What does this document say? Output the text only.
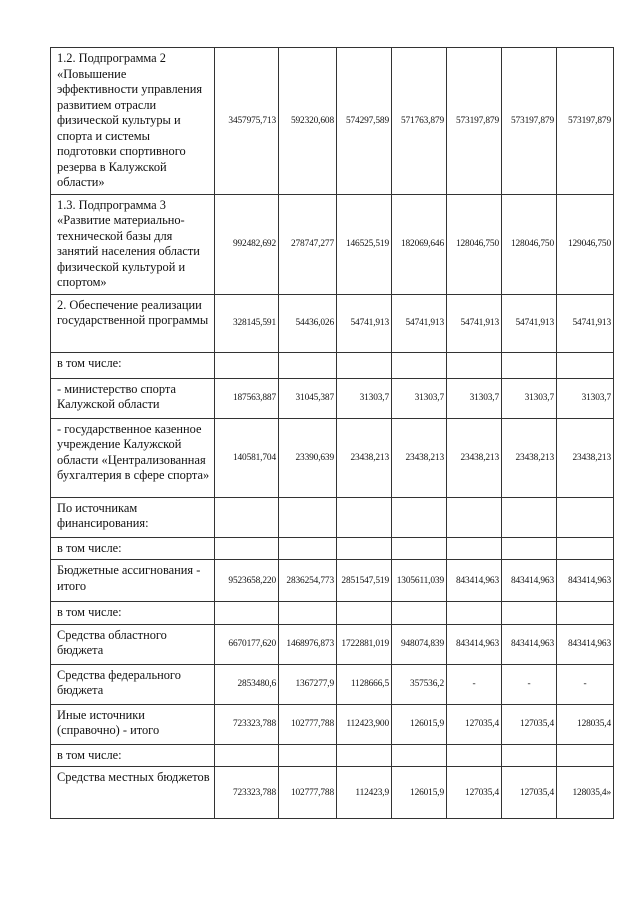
1.2. Подпрограмма 2 «Повышение эффективности управления развитием отрасли физической культуры и спорта и системы подготовки спортивного резерва в Калужской области»	3457975,713	592320,608	574297,589	571763,879	573197,879	573197,879	573197,879
1.3. Подпрограмма 3 «Развитие материально-технической базы для занятий населения области физической культурой и спортом»	992482,692	278747,277	146525,519	182069,646	128046,750	128046,750	129046,750
2. Обеспечение реализации государственной программы	328145,591	54436,026	54741,913	54741,913	54741,913	54741,913	54741,913
в том числе:							
- министерство спорта Калужской области	187563,887	31045,387	31303,7	31303,7	31303,7	31303,7	31303,7
- государственное казенное учреждение Калужской области «Централизованная бухгалтерия в сфере спорта»	140581,704	23390,639	23438,213	23438,213	23438,213	23438,213	23438,213
По источникам финансирования:							
в том числе:							
Бюджетные ассигнования - итого	9523658,220	2836254,773	2851547,519	1305611,039	843414,963	843414,963	843414,963
в том числе:							
Средства областного бюджета	6670177,620	1468976,873	1722881,019	948074,839	843414,963	843414,963	843414,963
Средства федерального бюджета	2853480,6	1367277,9	1128666,5	357536,2	-	-	-
Иные источники (справочно) - итого	723323,788	102777,788	112423,900	126015,9	127035,4	127035,4	128035,4
в том числе:							
Средства местных бюджетов	723323,788	102777,788	112423,9	126015,9	127035,4	127035,4	128035,4»
